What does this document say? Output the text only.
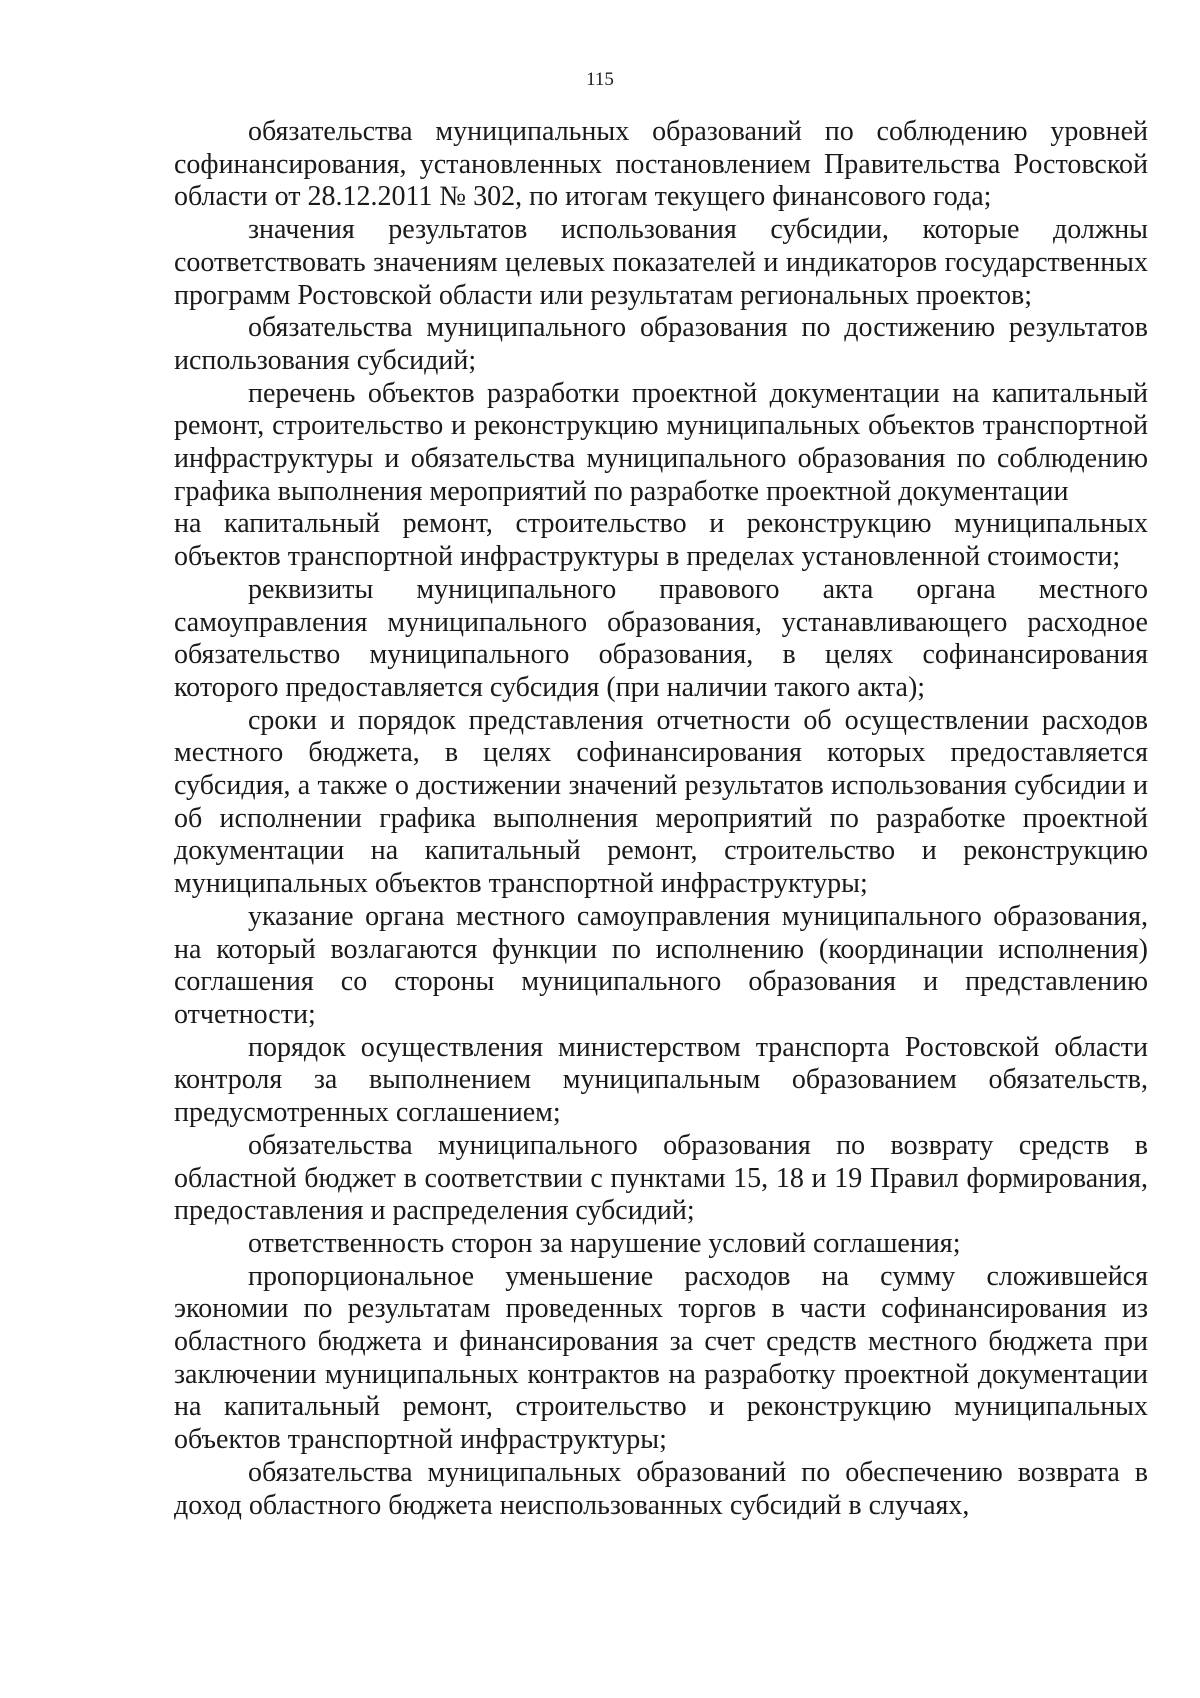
115

обязательства муниципальных образований по соблюдению уровней софинансирования, установленных постановлением Правительства Ростовской области от 28.12.2011 № 302, по итогам текущего финансового года;

значения результатов использования субсидии, которые должны соответствовать значениям целевых показателей и индикаторов государственных программ Ростовской области или результатам региональных проектов;

обязательства муниципального образования по достижению результатов использования субсидий;

перечень объектов разработки проектной документации на капитальный ремонт, строительство и реконструкцию муниципальных объектов транспортной инфраструктуры и обязательства муниципального образования по соблюдению графика выполнения мероприятий по разработке проектной документации

на капитальный ремонт, строительство и реконструкцию муниципальных объектов транспортной инфраструктуры в пределах установленной стоимости;

реквизиты муниципального правового акта органа местного самоуправления муниципального образования, устанавливающего расходное обязательство муниципального образования, в целях софинансирования которого предоставляется субсидия (при наличии такого акта);

сроки и порядок представления отчетности об осуществлении расходов местного бюджета, в целях софинансирования которых предоставляется субсидия, а также о достижении значений результатов использования субсидии и об исполнении графика выполнения мероприятий по разработке проектной документации на капитальный ремонт, строительство и реконструкцию муниципальных объектов транспортной инфраструктуры;

указание органа местного самоуправления муниципального образования, на который возлагаются функции по исполнению (координации исполнения) соглашения со стороны муниципального образования и представлению отчетности;

порядок осуществления министерством транспорта Ростовской области контроля за выполнением муниципальным образованием обязательств, предусмотренных соглашением;

обязательства муниципального образования по возврату средств в областной бюджет в соответствии с пунктами 15, 18 и 19 Правил формирования, предоставления и распределения субсидий;

ответственность сторон за нарушение условий соглашения;

пропорциональное уменьшение расходов на сумму сложившейся экономии по результатам проведенных торгов в части софинансирования из областного бюджета и финансирования за счет средств местного бюджета при заключении муниципальных контрактов на разработку проектной документации на капитальный ремонт, строительство и реконструкцию муниципальных объектов транспортной инфраструктуры;

обязательства муниципальных образований по обеспечению возврата в доход областного бюджета неиспользованных субсидий в случаях,
